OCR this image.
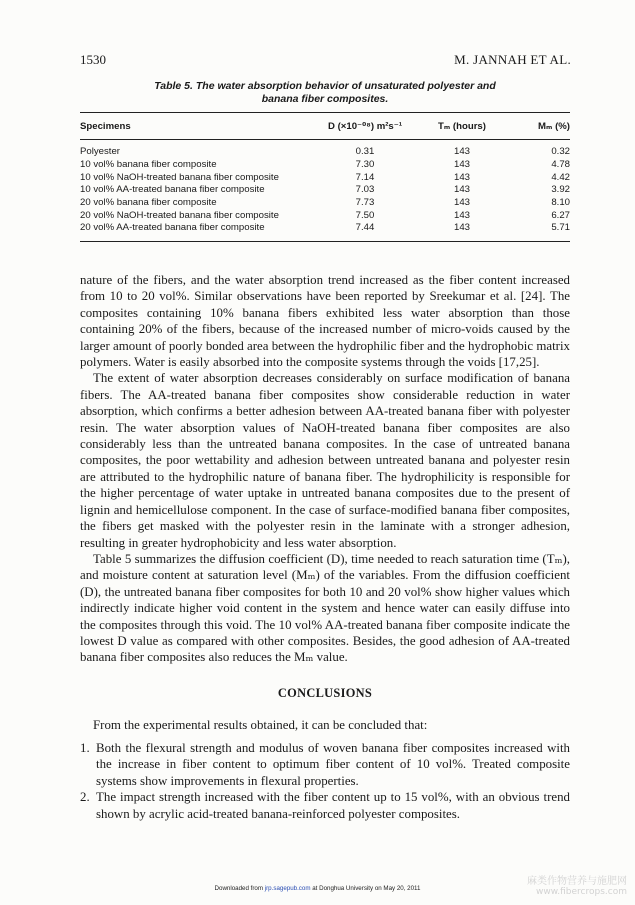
1530	M. JANNAH ET AL.
Table 5. The water absorption behavior of unsaturated polyester and
banana fiber composites.
Specimens	D (×10⁻⁰⁸) m²s⁻¹	Tₘ (hours)	Mₘ (%)
Polyester	0.31	143	0.32
10 vol% banana fiber composite	7.30	143	4.78
10 vol% NaOH-treated banana fiber composite	7.14	143	4.42
10 vol% AA-treated banana fiber composite	7.03	143	3.92
20 vol% banana fiber composite	7.73	143	8.10
20 vol% NaOH-treated banana fiber composite	7.50	143	6.27
20 vol% AA-treated banana fiber composite	7.44	143	5.71

nature of the fibers, and the water absorption trend increased as the fiber content increased from 10 to 20 vol%. Similar observations have been reported by Sreekumar et al. [24]. The composites containing 10% banana fibers exhibited less water absorption than those containing 20% of the fibers, because of the increased number of micro-voids caused by the larger amount of poorly bonded area between the hydrophilic fiber and the hydrophobic matrix polymers. Water is easily absorbed into the composite systems through the voids [17,25].

The extent of water absorption decreases considerably on surface modification of banana fibers. The AA-treated banana fiber composites show considerable reduction in water absorption, which confirms a better adhesion between AA-treated banana fiber with polyester resin. The water absorption values of NaOH-treated banana fiber composites are also considerably less than the untreated banana composites. In the case of untreated banana composites, the poor wettability and adhesion between untreated banana and polyester resin are attributed to the hydrophilic nature of banana fiber. The hydrophilicity is responsible for the higher percentage of water uptake in untreated banana composites due to the present of lignin and hemicellulose component. In the case of surface-modified banana fiber composites, the fibers get masked with the polyester resin in the laminate with a stronger adhesion, resulting in greater hydrophobicity and less water absorption.

Table 5 summarizes the diffusion coefficient (D), time needed to reach saturation time (Tₘ), and moisture content at saturation level (Mₘ) of the variables. From the diffusion coefficient (D), the untreated banana fiber composites for both 10 and 20 vol% show higher values which indirectly indicate higher void content in the system and hence water can easily diffuse into the composites through this void. The 10 vol% AA-treated banana fiber composite indicate the lowest D value as compared with other composites. Besides, the good adhesion of AA-treated banana fiber composites also reduces the Mₘ value.

CONCLUSIONS
From the experimental results obtained, it can be concluded that:
1. Both the flexural strength and modulus of woven banana fiber composites increased with the increase in fiber content to optimum fiber content of 10 vol%. Treated composite systems show improvements in flexural properties.
2. The impact strength increased with the fiber content up to 15 vol%, with an obvious trend shown by acrylic acid-treated banana-reinforced polyester composites.
Downloaded from jrp.sagepub.com at Donghua University on May 20, 2011
麻类作物营养与施肥网
www.fibercrops.com
